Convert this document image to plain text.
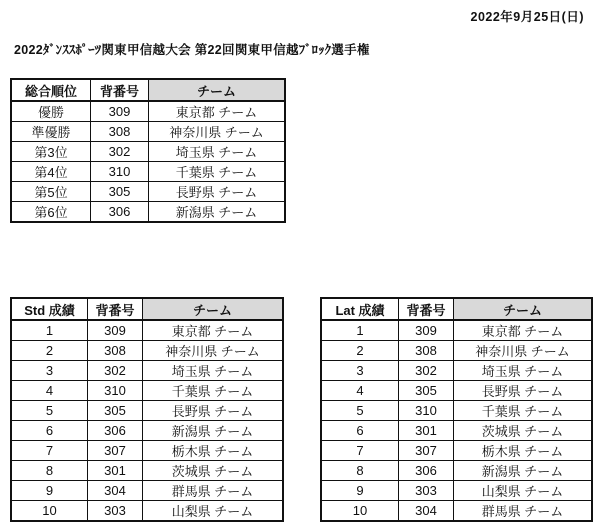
2022年9月25日(日)
2022ﾀﾞﾝｽｽﾎﾟｰﾂ関東甲信越大会 第22回関東甲信越ﾌﾞﾛｯｸ選手権
総合順位	背番号	チーム
優勝	309	東京都 チーム
準優勝	308	神奈川県 チーム
第3位	302	埼玉県 チーム
第4位	310	千葉県 チーム
第5位	305	長野県 チーム
第6位	306	新潟県 チーム
Std 成績	背番号	チーム
1	309	東京都 チーム
2	308	神奈川県 チーム
3	302	埼玉県 チーム
4	310	千葉県 チーム
5	305	長野県 チーム
6	306	新潟県 チーム
7	307	栃木県 チーム
8	301	茨城県 チーム
9	304	群馬県 チーム
10	303	山梨県 チーム
Lat 成績	背番号	チーム
1	309	東京都 チーム
2	308	神奈川県 チーム
3	302	埼玉県 チーム
4	305	長野県 チーム
5	310	千葉県 チーム
6	301	茨城県 チーム
7	307	栃木県 チーム
8	306	新潟県 チーム
9	303	山梨県 チーム
10	304	群馬県 チーム
